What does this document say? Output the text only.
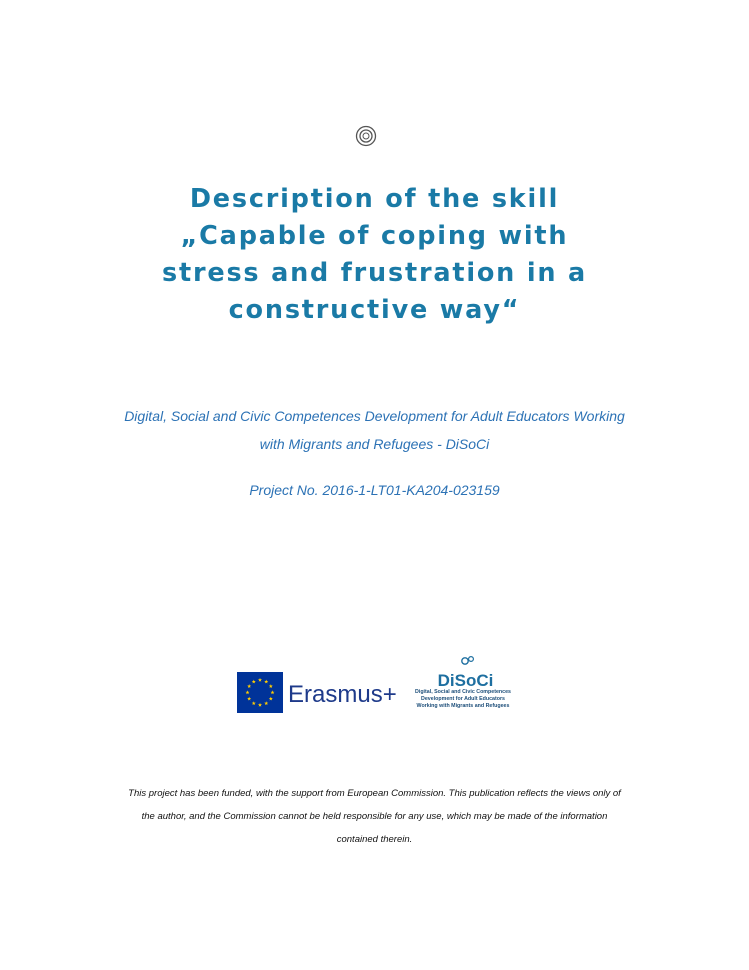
Description of the skill
„Capable of coping with
stress and frustration in a
constructive way“
Digital, Social and Civic Competences Development for Adult Educators Working
with Migrants and Refugees - DiSoCi
Project No. 2016-1-LT01-KA204-023159
Erasmus+
DiSoCi
Digital, Social and Civic Competences
Development for Adult Educators
Working with Migrants and Refugees
This project has been funded, with the support from European Commission. This publication reflects the views only of
the author, and the Commission cannot be held responsible for any use, which may be made of the information
contained therein.
